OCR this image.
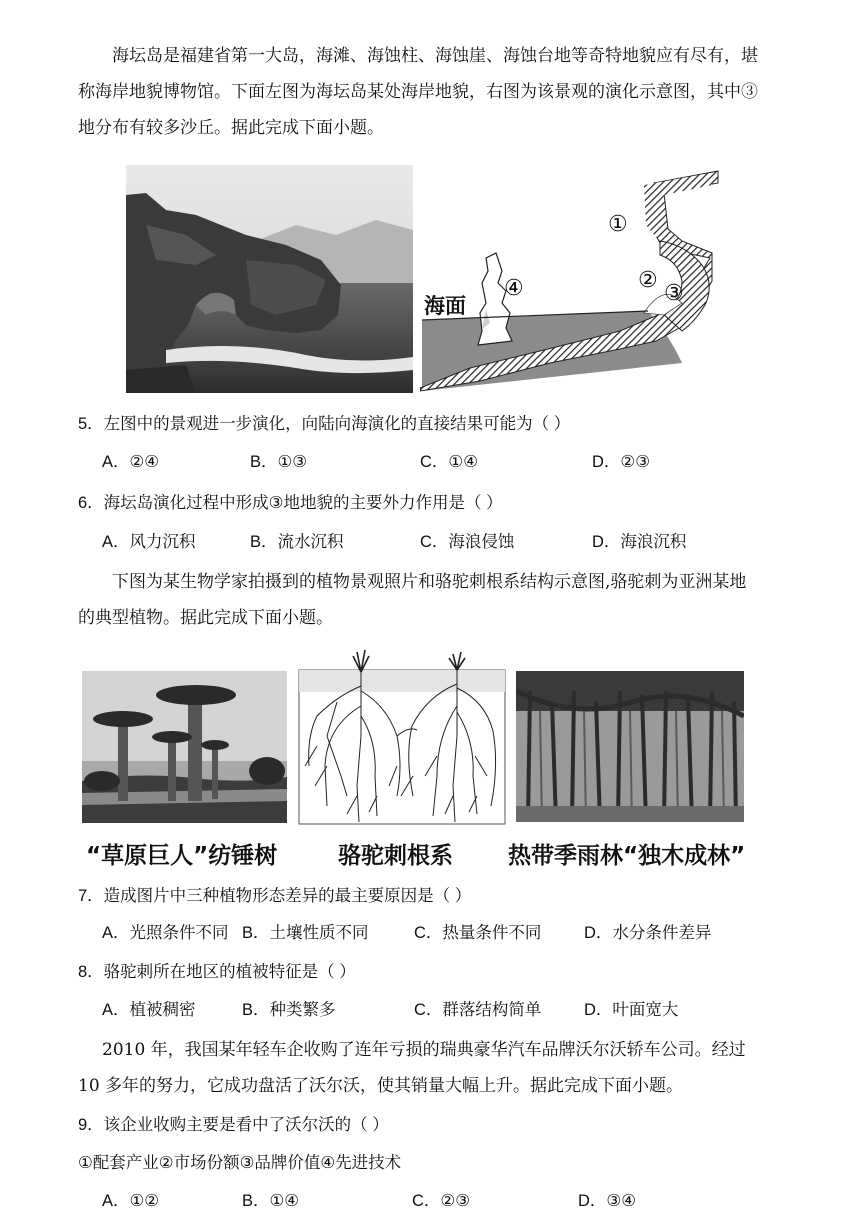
海坛岛是福建省第一大岛，海滩、海蚀柱、海蚀崖、海蚀台地等奇特地貌应有尽有，堪
称海岸地貌博物馆。下面左图为海坛岛某处海岸地貌，右图为该景观的演化示意图，其中③
地分布有较多沙丘。据此完成下面小题。
①
②
③
④
海面
5．左图中的景观进一步演化，向陆向海演化的直接结果可能为（ ）
A．②④	B．①③	C．①④	D．②③
6．海坛岛演化过程中形成③地地貌的主要外力作用是（ ）
A．风力沉积	B．流水沉积	C．海浪侵蚀	D．海浪沉积
下图为某生物学家拍摄到的植物景观照片和骆驼刺根系结构示意图,骆驼刺为亚洲某地
的典型植物。据此完成下面小题。
“草原巨人”纺锤树	骆驼刺根系 热带季雨林“独木成林”
7．造成图片中三种植物形态差异的最主要原因是（ ）
A．光照条件不同 B．土壤性质不同	C．热量条件不同	D．水分条件差异
8．骆驼刺所在地区的植被特征是（ ）
A．植被稠密	B．种类繁多	C．群落结构简单	D．叶面宽大
2010 年，我国某年轻车企收购了连年亏损的瑞典豪华汽车品牌沃尔沃轿车公司。经过
10 多年的努力，它成功盘活了沃尔沃，使其销量大幅上升。据此完成下面小题。
9．该企业收购主要是看中了沃尔沃的（ ）
①配套产业②市场份额③品牌价值④先进技术
A．①②	B．①④	C．②③	D．③④
